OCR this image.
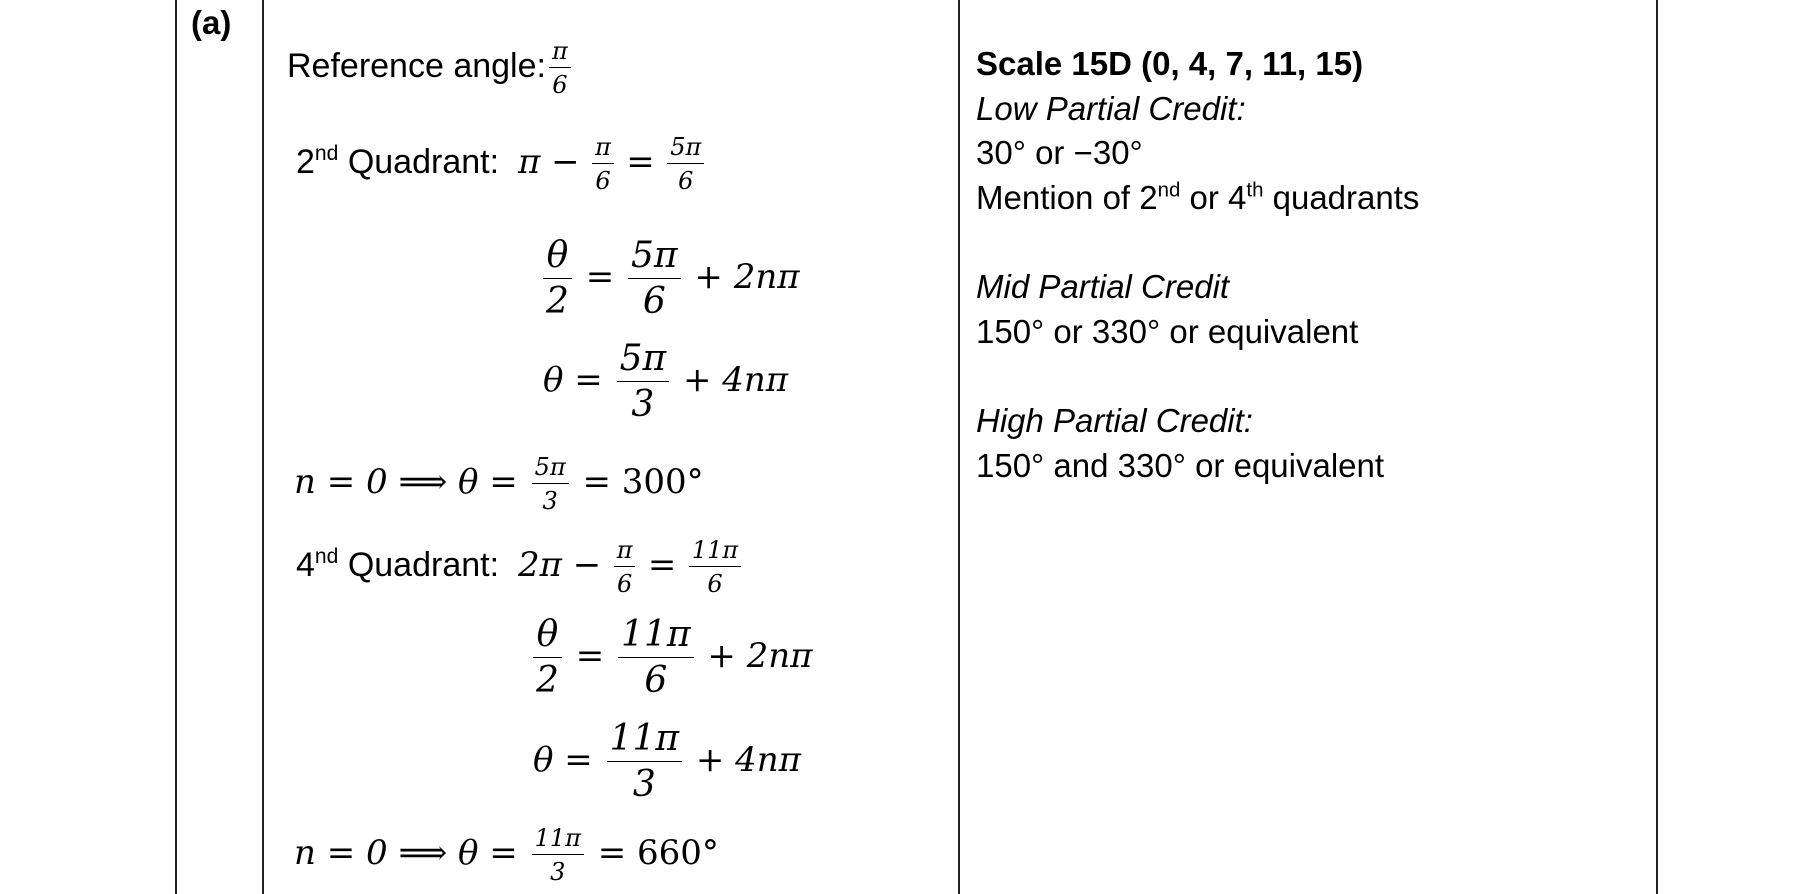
(a)
Reference angle: $\frac{\pi}{6}$
2nd Quadrant: $\pi - \frac{\pi}{6} = \frac{5\pi}{6}$
$\frac{\theta}{2} = \frac{5\pi}{6} + 2n\pi$
$\theta = \frac{5\pi}{3} + 4n\pi$
n = 0 ⟹ $\theta = \frac{5\pi}{3} = 300^\circ$
4nd Quadrant: $2\pi - \frac{\pi}{6} = \frac{11\pi}{6}$
$\frac{\theta}{2} = \frac{11\pi}{6} + 2n\pi$
$\theta = \frac{11\pi}{3} + 4n\pi$
n = 0 ⟹ $\theta = \frac{11\pi}{3} = 660^\circ$
Scale 15D (0, 4, 7, 11, 15)
Low Partial Credit:
30° or −30°
Mention of 2nd or 4th quadrants
Mid Partial Credit
150° or 330° or equivalent
High Partial Credit:
150° and 330° or equivalent
